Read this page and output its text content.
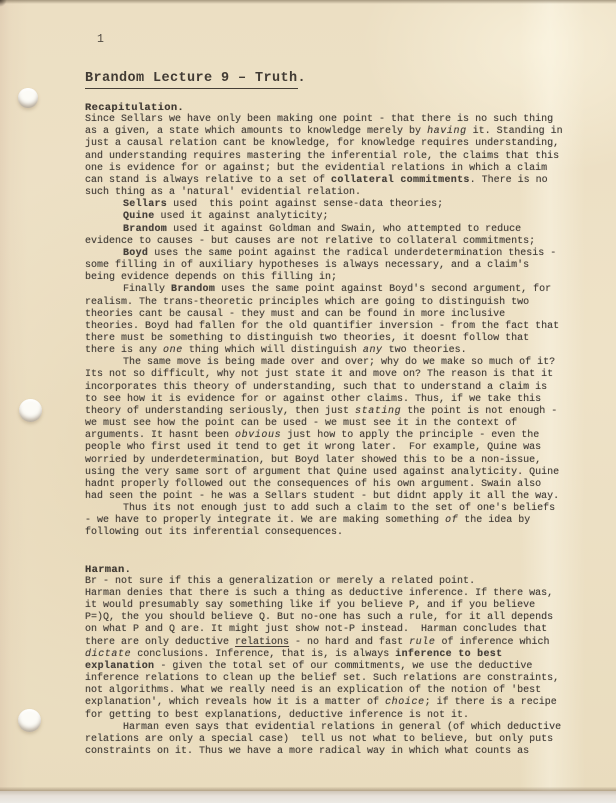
1
Brandom Lecture 9 – Truth.
Recapitulation.

Since Sellars we have only been making one point - that there is no such thing as a given, a state which amounts to knowledge merely by having it. Standing in just a causal relation cant be knowledge, for knowledge requires understanding, and understanding requires mastering the inferential role, the claims that this one is evidence for or against; but the evidential relations in which a claim can stand is always relative to a set of collateral commitments. There is no such thing as a 'natural' evidential relation.

Sellars used  this point against sense-data theories;

Quine used it against analyticity;

Brandom used it against Goldman and Swain, who attempted to reduce evidence to causes - but causes are not relative to collateral commitments;

Boyd uses the same point against the radical underdetermination thesis - some filling in of auxiliary hypotheses is always necessary, and a claim's being evidence depends on this filling in;

Finally Brandom uses the same point against Boyd's second argument, for realism. The trans-theoretic principles which are going to distinguish two theories cant be causal - they must and can be found in more inclusive theories. Boyd had fallen for the old quantifier inversion - from the fact that there must be something to distinguish two theories, it doesnt follow that there is any one thing which will distinguish any two theories.

The same move is being made over and over; why do we make so much of it? Its not so difficult, why not just state it and move on? The reason is that it incorporates this theory of understanding, such that to understand a claim is to see how it is evidence for or against other claims. Thus, if we take this theory of understanding seriously, then just stating the point is not enough - we must see how the point can be used - we must see it in the context of arguments. It hasnt been obvious just how to apply the principle - even the people who first used it tend to get it wrong later.  For example, Quine was worried by underdetermination, but Boyd later showed this to be a non-issue, using the very same sort of argument that Quine used against analyticity. Quine hadnt properly followed out the consequences of his own argument. Swain also had seen the point - he was a Sellars student - but didnt apply it all the way.

Thus its not enough just to add such a claim to the set of one's beliefs - we have to properly integrate it. We are making something of the idea by following out its inferential consequences.

Harman.

Br - not sure if this a generalization or merely a related point.

Harman denies that there is such a thing as deductive inference. If there was, it would presumably say something like if you believe P, and if you believe P=)Q, the you should believe Q. But no-one has such a rule, for it all depends on what P and Q are. It might just show not-P instead.  Harman concludes that there are only deductive relations - no hard and fast rule of inference which dictate conclusions. Inference, that is, is always inference to best explanation - given the total set of our commitments, we use the deductive inference relations to clean up the belief set. Such relations are constraints, not algorithms. What we really need is an explication of the notion of 'best explanation', which reveals how it is a matter of choice; if there is a recipe for getting to best explanations, deductive inference is not it.

Harman even says that evidential relations in general (of which deductive relations are only a special case)  tell us not what to believe, but only puts constraints on it. Thus we have a more radical way in which what counts as
